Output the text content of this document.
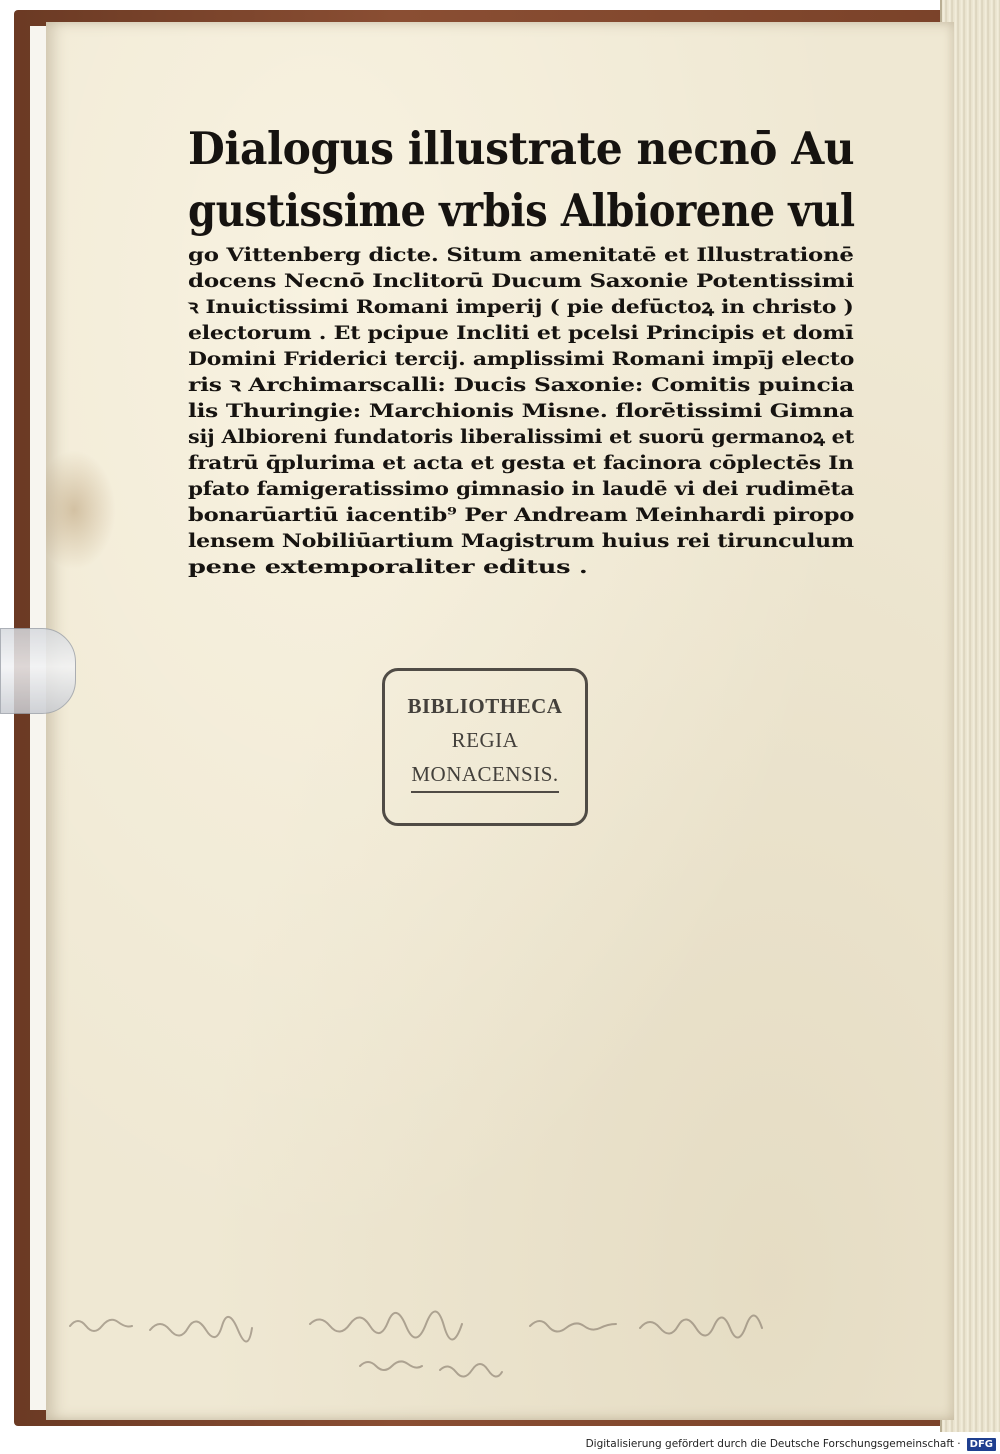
Dialogus illustrate necnō Au
gustissime vrbis Albiorene vul
go Vittenberg dicte. Situm amenitatē et Illustrationē
docens Necnō Inclitorū Ducum Saxonie Potentissimi
ꝛ Inuictissimi Romani imperij ( pie defūctoꝝ in christo )
electorum . Et pcipue Incliti et pcelsi Principis et domī
Domini Friderici tercij. amplissimi Romani impīj electo
ris ꝛ Archimarscalli: Ducis Saxonie: Comitis puincia
lis Thuringie: Marchionis Misne. florētissimi Gimna
sij Albioreni fundatoris liberalissimi et suorū germanoꝝ et
fratrū q̄plurima et acta et gesta et facinora cōplectēs In
pfato famigeratissimo gimnasio in laudē vi dei rudimēta
bonarūartiū iacentib⁹ Per Andream Meinhardi piropo
lensem Nobiliūartium Magistrum huius rei tirunculum
pene extemporaliter editus .
BIBLIOTHECA
REGIA
MONACENSIS.
Digitalisierung gefördert durch die Deutsche Forschungsgemeinschaft · DFG
